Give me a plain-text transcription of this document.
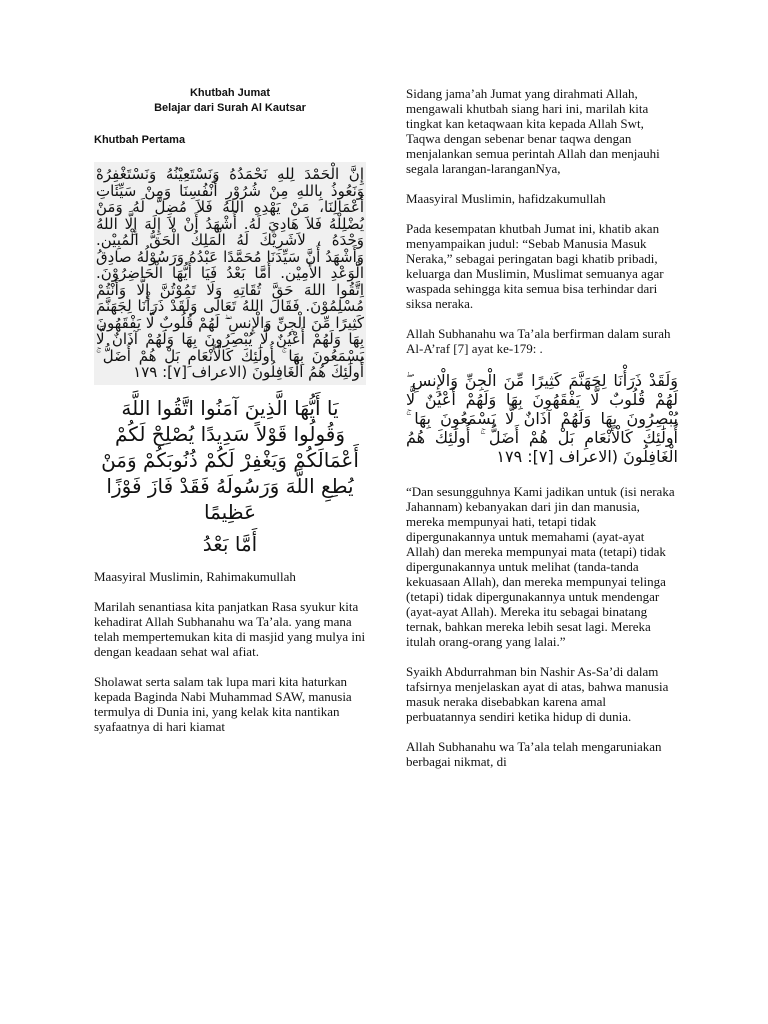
Khutbah Jumat
Belajar dari Surah Al Kautsar
Khutbah Pertama
إِنَّ الْحَمْدَ لِلهِ نَحْمَدُهُ وَنَسْتَعِيْنُهُ وَنَسْتَغْفِرُهْ وَنَعُوذُ بِاللهِ مِنْ شُرُوْرِ أَنْفُسِنَا وَمِنْ سَيِّئَاتِ أَعْمَالِنَا، مَنْ يَهْدِهِ اللهُ فَلاَ مُضِلَّ لَهُ وَمَنْ يُضْلِلْهُ فَلاَ هَادِيَ لَهُ. أَشْهَدُ أَنْ لاَ إِلَهَ إِلَّا اللهُ وَحْدَهُ ، لاَشَرِيْكَ لَهُ الْمَلِكُ الْحَقُّ الْمُبِيْن. وَأَشْهَدُ أَنَّ سَيِّدَنَا مُحَمَّدًا عَبْدُهُ وَرَسُوْلُهُ صادِقُ الْوَعْدِ الأَمِيْن. أَمَّا بَعْدُ فَيَا أَيُّهَا الْحَاضِرُوْنَ. اِتَّقُوا اللهَ حَقَّ تُقَاتِهِ وَلَا تَمُوْتُنَّ إِلَّا وَأَنْتُمْ مُسْلِمُوْنَ. فَقَالَ اللهُ تَعَالَى وَلَقَدْ ذَرَأْنَا لِجَهَنَّمَ كَثِيرًا مِّنَ الْجِنِّ وَالْإِنسِ ۖ لَهُمْ قُلُوبٌ لَّا يَفْقَهُونَ بِهَا وَلَهُمْ أَعْيُنٌ لَّا يُبْصِرُونَ بِهَا وَلَهُمْ آذَانٌ لَّا يَسْمَعُونَ بِهَا ۚ أُولَٰئِكَ كَالْأَنْعَامِ بَلْ هُمْ أَضَلُّ ۚ أُولَٰئِكَ هُمُ الْغَافِلُونَ (الاعراف [٧]: ١٧٩
يَا أَيُّهَا الَّذِينَ آمَنُوا اتَّقُوا اللَّهَ وَقُولُوا قَوْلاً سَدِيدًا يُصْلِحْ لَكُمْ أَعْمَالَكُمْ وَيَغْفِرْ لَكُمْ ذُنُوبَكُمْ وَمَنْ يُطِعِ اللَّهَ وَرَسُولَهُ فَقَدْ فَازَ فَوْزًا عَظِيمًا
أَمَّا بَعْدُ

Maasyiral Muslimin, Rahimakumullah

Marilah senantiasa kita panjatkan Rasa syukur kita kehadirat Allah Subhanahu wa Ta’ala. yang mana telah mempertemukan kita di masjid yang mulya ini dengan keadaan sehat wal afiat.

Sholawat serta salam tak lupa mari kita haturkan kepada Baginda Nabi Muhammad SAW, manusia termulya di Dunia ini, yang kelak kita nantikan syafaatnya di hari kiamat

Sidang jama’ah Jumat yang dirahmati Allah, mengawali khutbah siang hari ini, marilah kita tingkat kan ketaqwaan kita kepada Allah Swt, Taqwa dengan sebenar benar taqwa dengan menjalankan semua perintah Allah dan menjauhi segala larangan-laranganNya,

Maasyiral Muslimin, hafidzakumullah

Pada kesempatan khutbah Jumat ini, khatib akan menyampaikan judul: “Sebab Manusia Masuk Neraka,” sebagai peringatan bagi khatib pribadi, keluarga dan Muslimin, Muslimat semuanya agar waspada sehingga kita semua bisa terhindar dari siksa neraka.

Allah Subhanahu wa Ta’ala berfirman dalam surah Al-A’raf [7] ayat ke-179: .

وَلَقَدْ ذَرَأْنَا لِجَهَنَّمَ كَثِيرًا مِّنَ الْجِنِّ وَالْإِنسِ ۖ لَهُمْ قُلُوبٌ لَّا يَفْقَهُونَ بِهَا وَلَهُمْ أَعْيُنٌ لَّا يُبْصِرُونَ بِهَا وَلَهُمْ آذَانٌ لَّا يَسْمَعُونَ بِهَا ۚ أُولَٰئِكَ كَالْأَنْعَامِ بَلْ هُمْ أَضَلُّ ۚ أُولَٰئِكَ هُمُ الْغَافِلُونَ (الاعراف [٧]: ١٧٩

“Dan sesungguhnya Kami jadikan untuk (isi neraka Jahannam) kebanyakan dari jin dan manusia, mereka mempunyai hati, tetapi tidak dipergunakannya untuk memahami (ayat-ayat Allah) dan mereka mempunyai mata (tetapi) tidak dipergunakannya untuk melihat (tanda-tanda kekuasaan Allah), dan mereka mempunyai telinga (tetapi) tidak dipergunakannya untuk mendengar (ayat-ayat Allah). Mereka itu sebagai binatang ternak, bahkan mereka lebih sesat lagi. Mereka itulah orang-orang yang lalai.”

Syaikh Abdurrahman bin Nashir As-Sa’di dalam tafsirnya menjelaskan ayat di atas, bahwa manusia masuk neraka disebabkan karena amal perbuatannya sendiri ketika hidup di dunia.

Allah Subhanahu wa Ta’ala telah mengaruniakan berbagai nikmat, di
